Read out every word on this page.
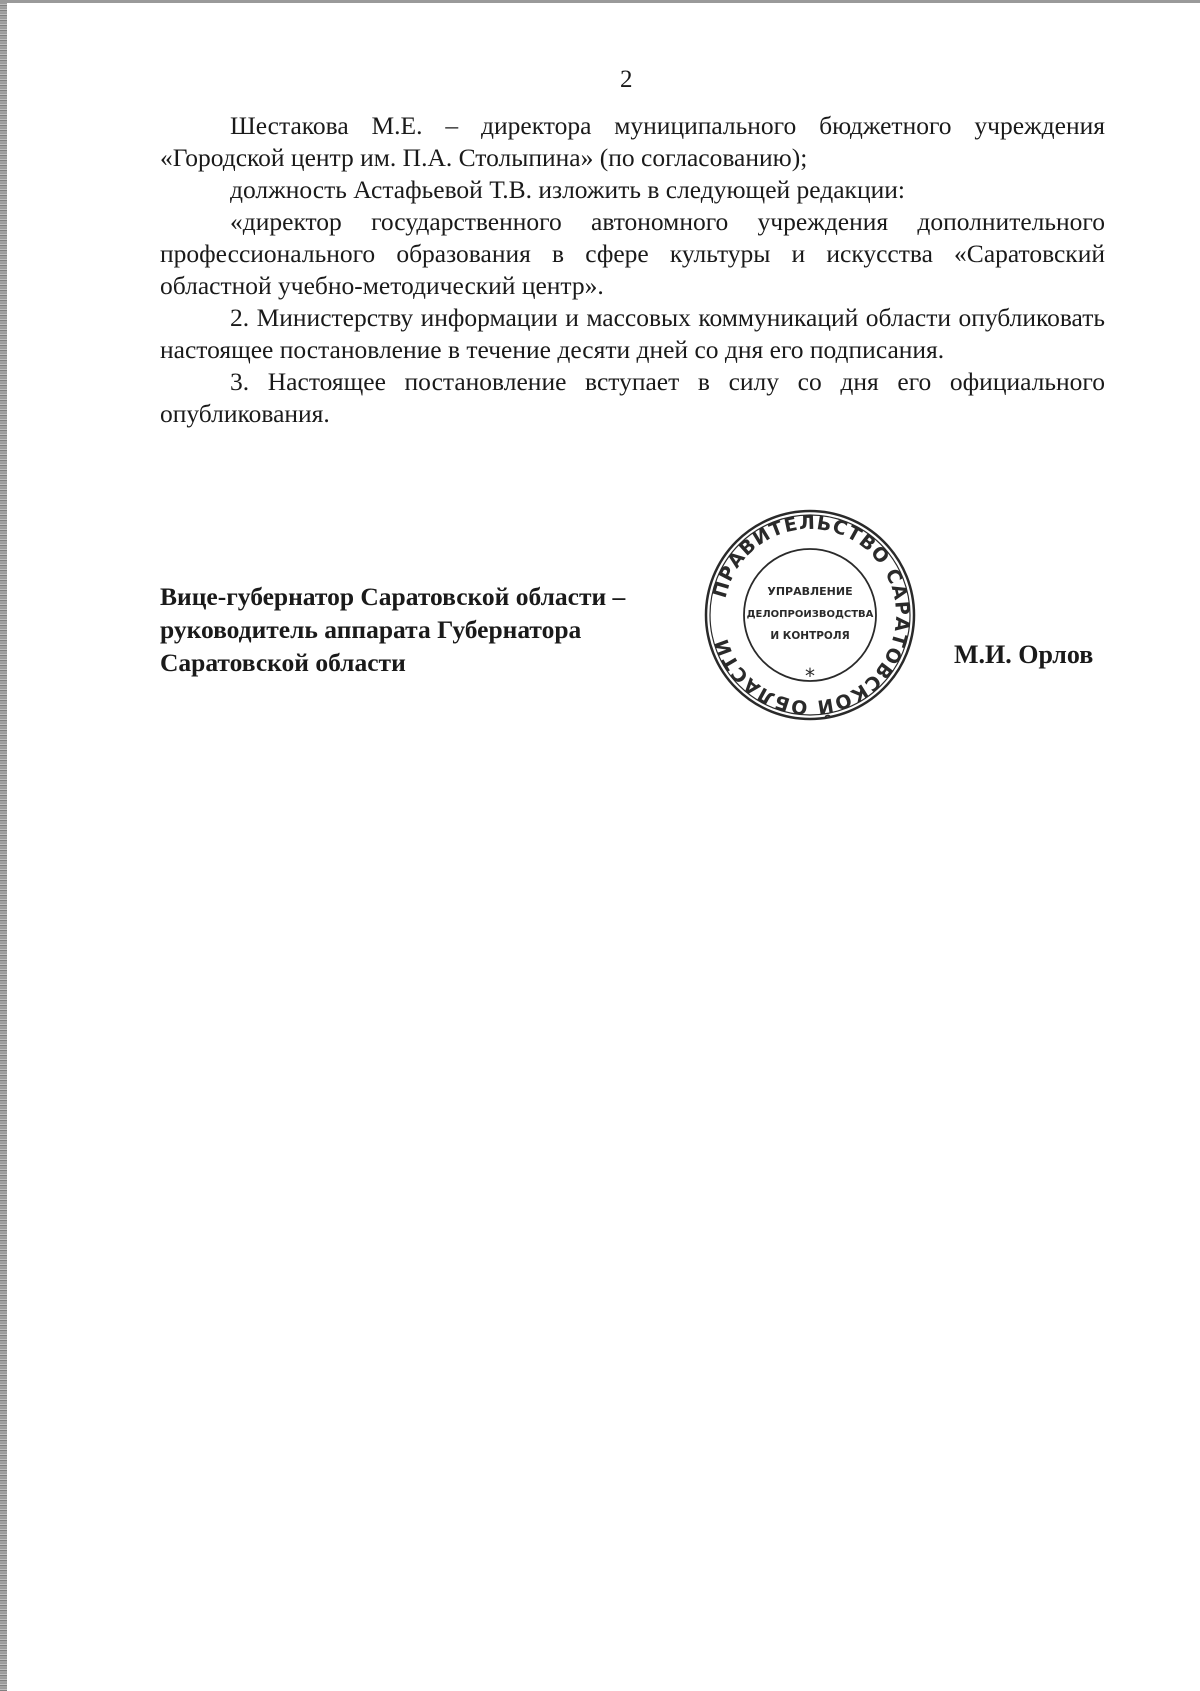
2

Шестакова М.Е. – директора муниципального бюджетного учреждения «Городской центр им. П.А. Столыпина» (по согласованию);

должность Астафьевой Т.В. изложить в следующей редакции:

«директор государственного автономного учреждения дополнительного профессионального образования в сфере культуры и искусства «Саратовский областной учебно-методический центр».

2. Министерству информации и массовых коммуникаций области опубликовать настоящее постановление в течение десяти дней со дня его подписания.

3. Настоящее постановление вступает в силу со дня его официального опубликования.

Вице-губернатор Саратовской области –
руководитель аппарата Губернатора
Саратовской области	М.И. Орлов
ПРАВИТЕЛЬСТВО САРАТОВСКОЙ ОБЛАСТИ
*
УПРАВЛЕНИЕ
ДЕЛОПРОИЗВОДСТВА
И КОНТРОЛЯ
